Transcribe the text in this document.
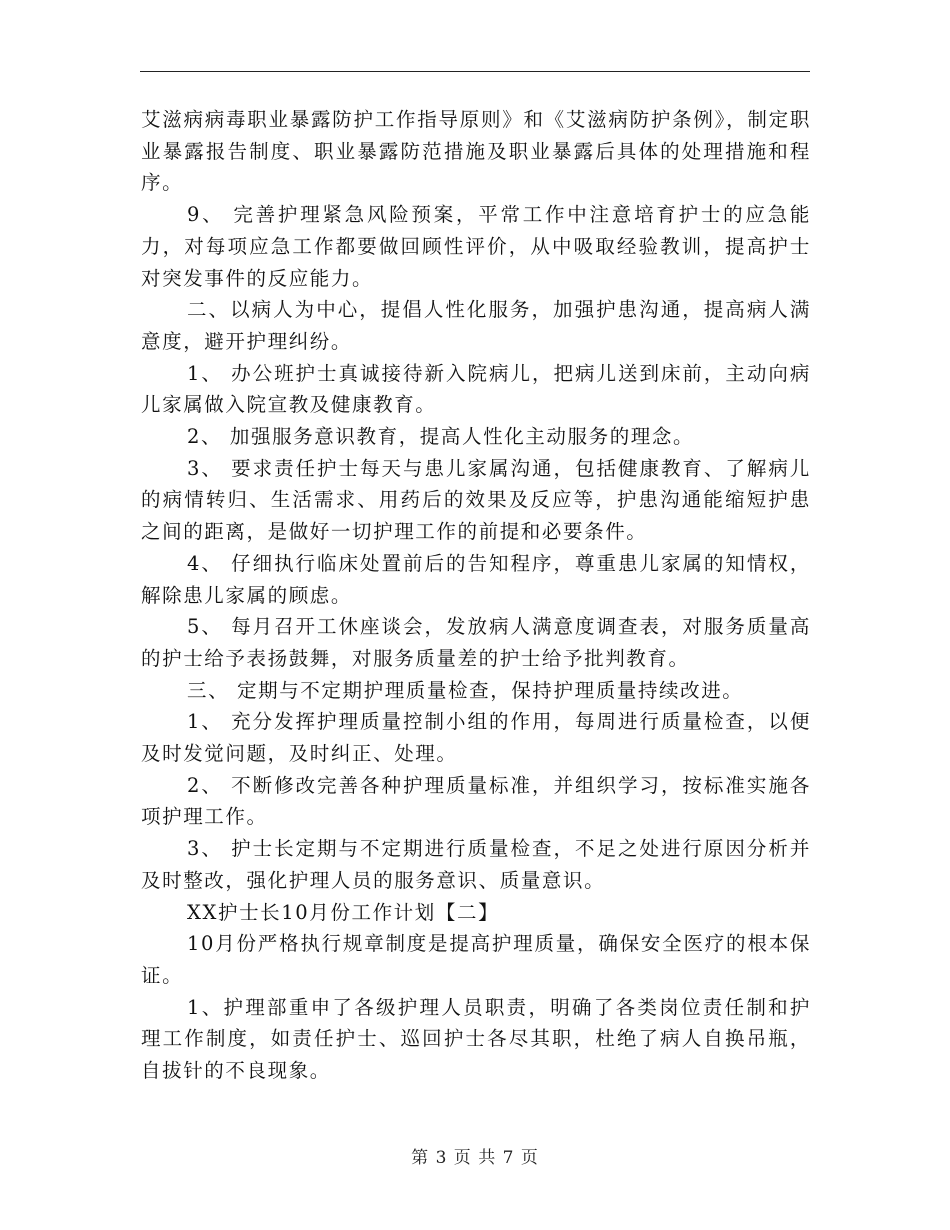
艾滋病病毒职业暴露防护工作指导原则》和《艾滋病防护条例》，制定职业暴露报告制度、职业暴露防范措施及职业暴露后具体的处理措施和程序。

9、 完善护理紧急风险预案，平常工作中注意培育护士的应急能力，对每项应急工作都要做回顾性评价，从中吸取经验教训，提高护士对突发事件的反应能力。

二、以病人为中心，提倡人性化服务，加强护患沟通，提高病人满意度，避开护理纠纷。

1、 办公班护士真诚接待新入院病儿，把病儿送到床前，主动向病儿家属做入院宣教及健康教育。

2、 加强服务意识教育，提高人性化主动服务的理念。

3、 要求责任护士每天与患儿家属沟通，包括健康教育、了解病儿的病情转归、生活需求、用药后的效果及反应等，护患沟通能缩短护患之间的距离，是做好一切护理工作的前提和必要条件。

4、 仔细执行临床处置前后的告知程序，尊重患儿家属的知情权，解除患儿家属的顾虑。

5、 每月召开工休座谈会，发放病人满意度调查表，对服务质量高的护士给予表扬鼓舞，对服务质量差的护士给予批判教育。

三、 定期与不定期护理质量检查，保持护理质量持续改进。

1、 充分发挥护理质量控制小组的作用，每周进行质量检查，以便及时发觉问题，及时纠正、处理。

2、 不断修改完善各种护理质量标准，并组织学习，按标准实施各项护理工作。

3、 护士长定期与不定期进行质量检查，不足之处进行原因分析并及时整改，强化护理人员的服务意识、质量意识。

XX护士长10月份工作计划【二】

10月份严格执行规章制度是提高护理质量，确保安全医疗的根本保证。

1、护理部重申了各级护理人员职责，明确了各类岗位责任制和护理工作制度，如责任护士、巡回护士各尽其职，杜绝了病人自换吊瓶，自拔针的不良现象。

第 3 页 共 7 页
